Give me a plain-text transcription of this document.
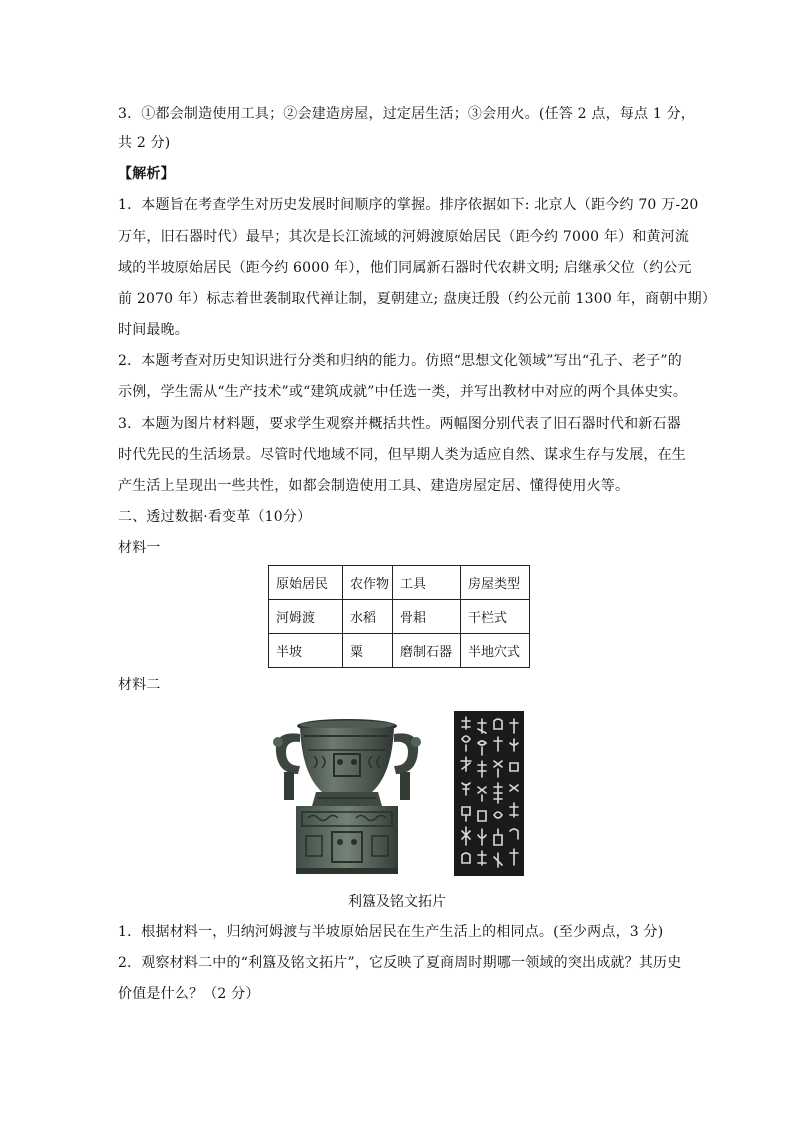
3．①都会制造使用工具；②会建造房屋，过定居生活；③会用火。(任答 2 点，每点 1 分，
共 2 分)
【解析】
1．本题旨在考查学生对历史发展时间顺序的掌握。排序依据如下: 北京人（距今约 70 万-20
万年，旧石器时代）最早；其次是长江流域的河姆渡原始居民（距今约 7000 年）和黄河流
域的半坡原始居民（距今约 6000 年），他们同属新石器时代农耕文明; 启继承父位（约公元
前 2070 年）标志着世袭制取代禅让制，夏朝建立; 盘庚迁殷（约公元前 1300 年，商朝中期）
时间最晚。
2．本题考查对历史知识进行分类和归纳的能力。仿照“思想文化领域”写出“孔子、老子”的
示例，学生需从“生产技术”或“建筑成就”中任选一类，并写出教材中对应的两个具体史实。
3．本题为图片材料题，要求学生观察并概括共性。两幅图分别代表了旧石器时代和新石器
时代先民的生活场景。尽管时代地域不同，但早期人类为适应自然、谋求生存与发展，在生
产生活上呈现出一些共性，如都会制造使用工具、建造房屋定居、懂得使用火等。
二、透过数据·看变革（10分）
材料一
原始居民	农作物	工具	房屋类型
河姆渡	水稻	骨耜	干栏式
半坡	粟	磨制石器	半地穴式
材料二
利簋及铭文拓片
1．根据材料一，归纳河姆渡与半坡原始居民在生产生活上的相同点。(至少两点，3 分)
2．观察材料二中的“利簋及铭文拓片”，它反映了夏商周时期哪一领域的突出成就？其历史
价值是什么？（2 分）
